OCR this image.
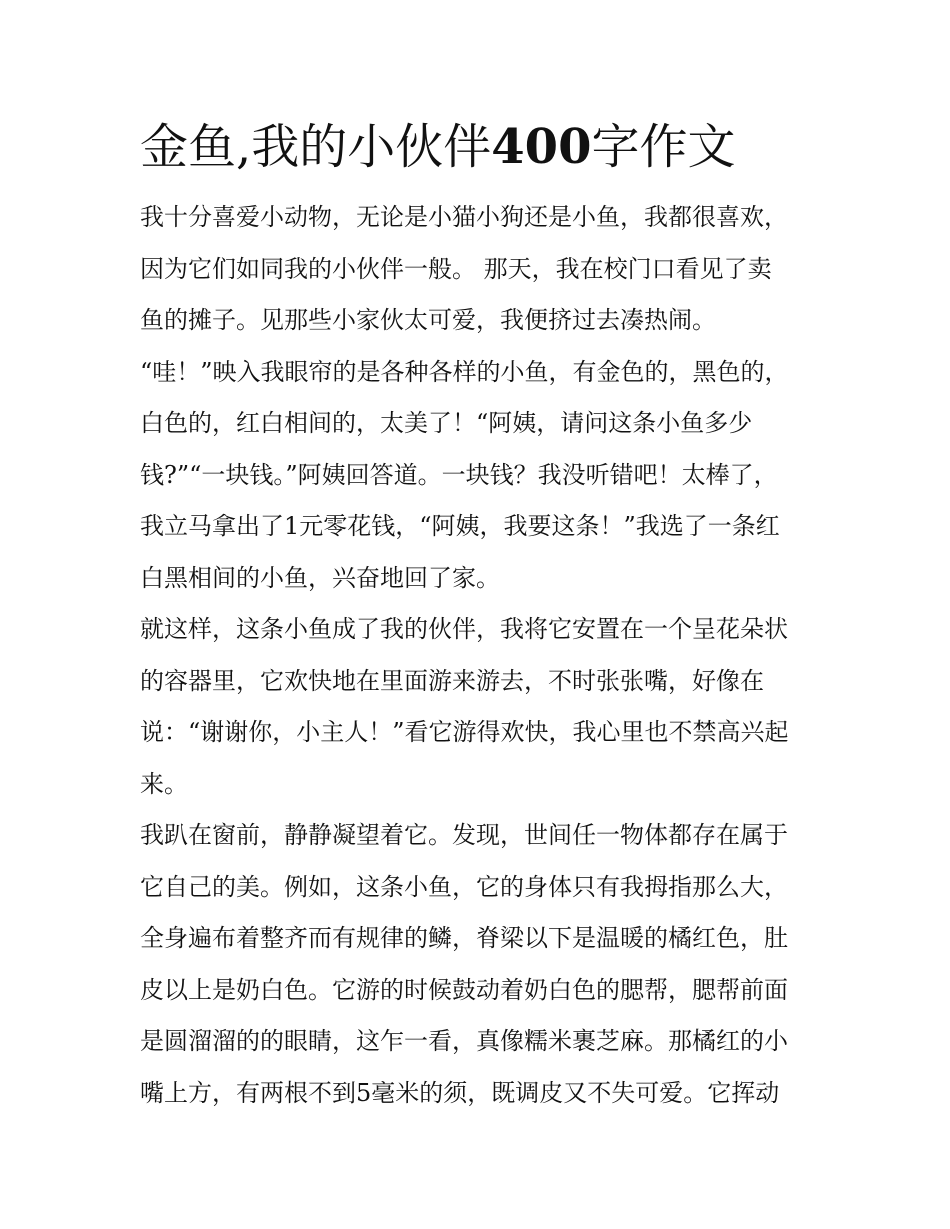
金鱼,我的小伙伴400字作文
我十分喜爱小动物，无论是小猫小狗还是小鱼，我都很喜欢，
因为它们如同我的小伙伴一般。 那天，我在校门口看见了卖
鱼的摊子。见那些小家伙太可爱，我便挤过去凑热闹。
“哇！”映入我眼帘的是各种各样的小鱼，有金色的，黑色的，
白色的，红白相间的，太美了！“阿姨，请问这条小鱼多少
钱?”“一块钱。”阿姨回答道。一块钱？我没听错吧！太棒了，
我立马拿出了1元零花钱，“阿姨，我要这条！”我选了一条红
白黑相间的小鱼，兴奋地回了家。
就这样，这条小鱼成了我的伙伴，我将它安置在一个呈花朵状
的容器里，它欢快地在里面游来游去，不时张张嘴，好像在
说：“谢谢你，小主人！”看它游得欢快，我心里也不禁高兴起
来。
我趴在窗前，静静凝望着它。发现，世间任一物体都存在属于
它自己的美。例如，这条小鱼，它的身体只有我拇指那么大，
全身遍布着整齐而有规律的鳞，脊梁以下是温暖的橘红色，肚
皮以上是奶白色。它游的时候鼓动着奶白色的腮帮，腮帮前面
是圆溜溜的的眼睛，这乍一看，真像糯米裹芝麻。那橘红的小
嘴上方，有两根不到5毫米的须，既调皮又不失可爱。它挥动
